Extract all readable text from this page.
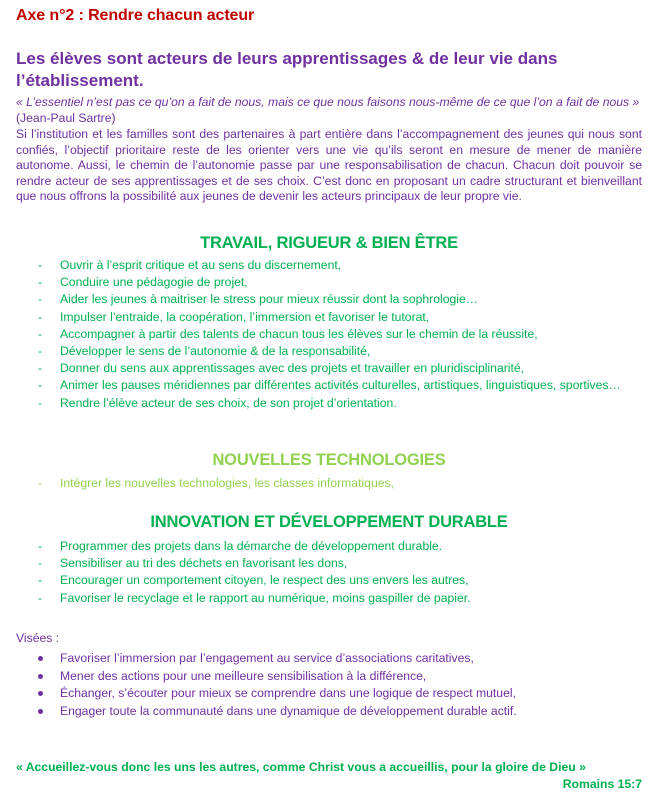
Axe n°2 : Rendre chacun acteur
Les élèves sont acteurs de leurs apprentissages & de leur vie dans l’établissement.
« L’essentiel n’est pas ce qu’on a fait de nous, mais ce que nous faisons nous-même de ce que l’on a fait de nous » (Jean-Paul Sartre)
Si l’institution et les familles sont des partenaires à part entière dans l’accompagnement des jeunes qui nous sont confiés, l’objectif prioritaire reste de les orienter vers une vie qu’ils seront en mesure de mener de manière autonome. Aussi, le chemin de l’autonomie passe par une responsabilisation de chacun. Chacun doit pouvoir se rendre acteur de ses apprentissages et de ses choix. C’est donc en proposant un cadre structurant et bienveillant que nous offrons la possibilité aux jeunes de devenir les acteurs principaux de leur propre vie.
TRAVAIL, RIGUEUR & BIEN ÊTRE
- Ouvrir à l’esprit critique et au sens du discernement,
- Conduire une pédagogie de projet,
- Aider les jeunes à maitriser le stress pour mieux réussir dont la sophrologie…
- Impulser l’entraide, la coopération, l’immersion et favoriser le tutorat,
- Accompagner à partir des talents de chacun tous les élèves sur le chemin de la réussite,
- Développer le sens de l’autonomie & de la responsabilité,
- Donner du sens aux apprentissages avec des projets et travailler en pluridisciplinarité,
- Animer les pauses méridiennes par différentes activités culturelles, artistiques, linguistiques, sportives…
- Rendre l’élève acteur de ses choix, de son projet d’orientation.
NOUVELLES TECHNOLOGIES
- Intégrer les nouvelles technologies, les classes informatiques,
INNOVATION ET DÉVELOPPEMENT DURABLE
- Programmer des projets dans la démarche de développement durable.
- Sensibiliser au tri des déchets en favorisant les dons,
- Encourager un comportement citoyen, le respect des uns envers les autres,
- Favoriser le recyclage et le rapport au numérique, moins gaspiller de papier.
Visées :
Favoriser l’immersion par l’engagement au service d’associations caritatives,
Mener des actions pour une meilleure sensibilisation à la différence,
Échanger, s’écouter pour mieux se comprendre dans une logique de respect mutuel,
Engager toute la communauté dans une dynamique de développement durable actif.
« Accueillez-vous donc les uns les autres, comme Christ vous a accueillis, pour la gloire de Dieu »
Romains 15:7
